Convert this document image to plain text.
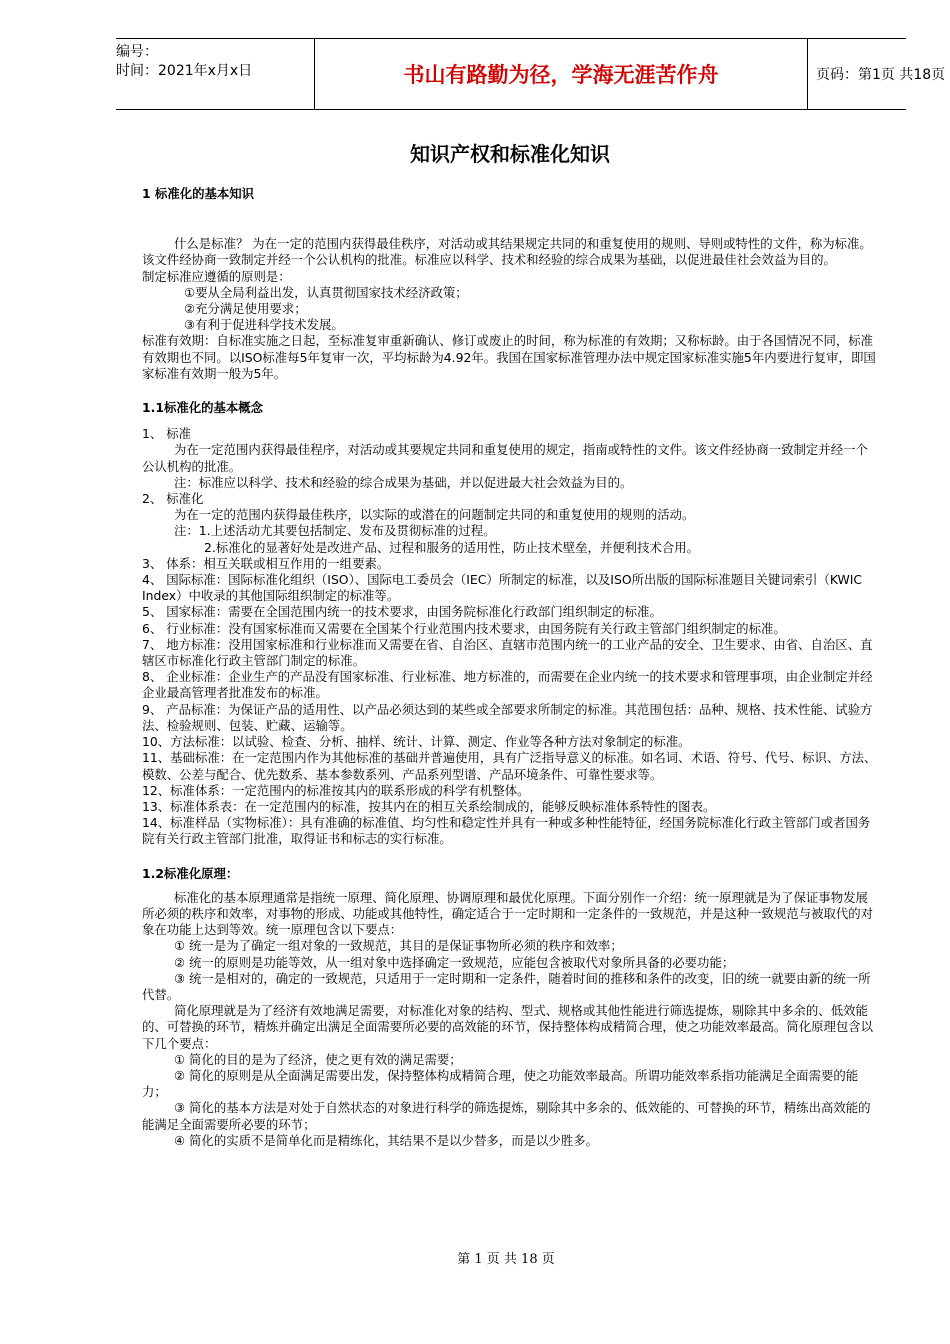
编号：
时间：2021年x月x日	书山有路勤为径，学海无涯苦作舟	页码：第1页 共18页
知识产权和标准化知识

1 标准化的基本知识

什么是标准？ 为在一定的范围内获得最佳秩序，对活动或其结果规定共同的和重复使用的规则、导则或特性的文件，称为标准。该文件经协商一致制定并经一个公认机构的批准。标准应以科学、技术和经验的综合成果为基础，以促进最佳社会效益为目的。

制定标准应遵循的原则是：

①要从全局利益出发，认真贯彻国家技术经济政策；

②充分满足使用要求；

③有利于促进科学技术发展。

标准有效期：自标准实施之日起，至标准复审重新确认、修订或废止的时间，称为标准的有效期；又称标龄。由于各国情况不同，标准有效期也不同。以ISO标准每5年复审一次，平均标龄为4.92年。我国在国家标准管理办法中规定国家标准实施5年内要进行复审，即国家标准有效期一般为5年。

1.1标准化的基本概念

1、 标准

为在一定范围内获得最佳程序，对活动或其要规定共同和重复使用的规定，指南或特性的文件。该文件经协商一致制定并经一个公认机构的批准。

注：标准应以科学、技术和经验的综合成果为基础，并以促进最大社会效益为目的。

2、 标准化

为在一定的范围内获得最佳秩序，以实际的或潜在的问题制定共同的和重复使用的规则的活动。

注：1.上述活动尤其要包括制定、发布及贯彻标准的过程。

2.标准化的显著好处是改进产品、过程和服务的适用性，防止技术壁垒，并便利技术合用。

3、 体系：相互关联或相互作用的一组要素。

4、 国际标准：国际标准化组织（ISO）、国际电工委员会（IEC）所制定的标准，以及ISO所出版的国际标准题目关键词索引（KWIC Index）中收录的其他国际组织制定的标准等。

5、 国家标准：需要在全国范围内统一的技术要求，由国务院标准化行政部门组织制定的标准。

6、 行业标准：没有国家标准而又需要在全国某个行业范围内技术要求，由国务院有关行政主管部门组织制定的标准。

7、 地方标准：没用国家标准和行业标准而又需要在省、自治区、直辖市范围内统一的工业产品的安全、卫生要求、由省、自治区、直辖区市标准化行政主管部门制定的标准。

8、 企业标准：企业生产的产品没有国家标准、行业标准、地方标准的，而需要在企业内统一的技术要求和管理事项，由企业制定并经企业最高管理者批准发布的标准。

9、 产品标准：为保证产品的适用性、以产品必须达到的某些或全部要求所制定的标准。其范围包括：品种、规格、技术性能、试验方法、检验规则、包装、贮藏、运输等。

10、方法标准：以试验、检查、分析、抽样、统计、计算、测定、作业等各种方法对象制定的标准。

11、基础标准：在一定范围内作为其他标准的基础并普遍使用，具有广泛指导意义的标准。如名词、术语、符号、代号、标识、方法、模数、公差与配合、优先数系、基本参数系列、产品系列型谱、产品环境条件、可靠性要求等。

12、标准体系：一定范围内的标准按其内的联系形成的科学有机整体。

13、标准体系表：在一定范围内的标准，按其内在的相互关系绘制成的，能够反映标准体系特性的图表。

14、标准样品（实物标准）：具有准确的标准值、均匀性和稳定性并具有一种或多种性能特征，经国务院标准化行政主管部门或者国务院有关行政主管部门批准，取得证书和标志的实行标准。

1.2标准化原理：

标准化的基本原理通常是指统一原理、简化原理、协调原理和最优化原理。下面分别作一介绍：统一原理就是为了保证事物发展所必须的秩序和效率，对事物的形成、功能或其他特性，确定适合于一定时期和一定条件的一致规范，并是这种一致规范与被取代的对象在功能上达到等效。统一原理包含以下要点：

① 统一是为了确定一组对象的一致规范，其目的是保证事物所必须的秩序和效率；

② 统一的原则是功能等效，从一组对象中选择确定一致规范，应能包含被取代对象所具备的必要功能；

③ 统一是相对的，确定的一致规范，只适用于一定时期和一定条件，随着时间的推移和条件的改变，旧的统一就要由新的统一所代替。

简化原理就是为了经济有效地满足需要，对标准化对象的结构、型式、规格或其他性能进行筛选提炼，剔除其中多余的、低效能的、可替换的环节，精炼并确定出满足全面需要所必要的高效能的环节，保持整体构成精简合理，使之功能效率最高。简化原理包含以下几个要点：

① 简化的目的是为了经济，使之更有效的满足需要；

② 简化的原则是从全面满足需要出发，保持整体构成精简合理，使之功能效率最高。所谓功能效率系指功能满足全面需要的能力；

③ 简化的基本方法是对处于自然状态的对象进行科学的筛选提炼，剔除其中多余的、低效能的、可替换的环节，精练出高效能的能满足全面需要所必要的环节；

④ 简化的实质不是简单化而是精练化，其结果不是以少替多，而是以少胜多。

第 1 页 共 18 页
